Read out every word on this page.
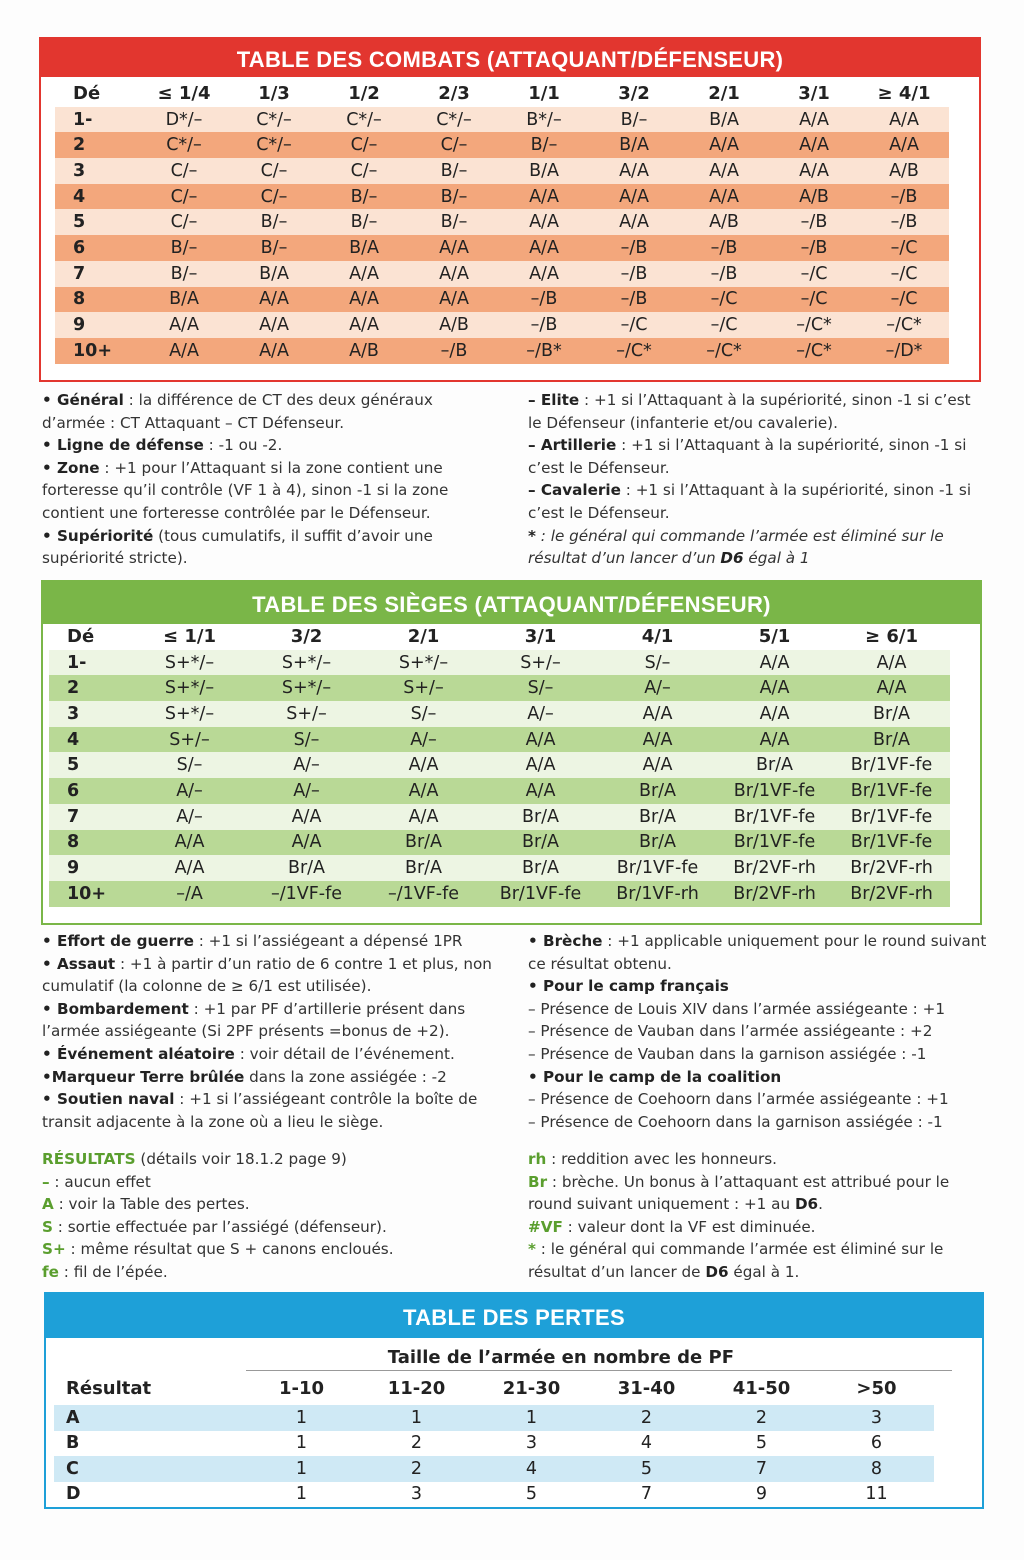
TABLE DES COMBATS (ATTAQUANT/DÉFENSEUR)
Dé	≤ 1/4	1/3	1/2	2/3	1/1	3/2	2/1	3/1	≥ 4/1
1-	D*/–	C*/–	C*/–	C*/–	B*/–	B/–	B/A	A/A	A/A
2	C*/–	C*/–	C/–	C/–	B/–	B/A	A/A	A/A	A/A
3	C/–	C/–	C/–	B/–	B/A	A/A	A/A	A/A	A/B
4	C/–	C/–	B/–	B/–	A/A	A/A	A/A	A/B	–/B
5	C/–	B/–	B/–	B/–	A/A	A/A	A/B	–/B	–/B
6	B/–	B/–	B/A	A/A	A/A	–/B	–/B	–/B	–/C
7	B/–	B/A	A/A	A/A	A/A	–/B	–/B	–/C	–/C
8	B/A	A/A	A/A	A/A	–/B	–/B	–/C	–/C	–/C
9	A/A	A/A	A/A	A/B	–/B	–/C	–/C	–/C*	–/C*
10+	A/A	A/A	A/B	–/B	–/B*	–/C*	–/C*	–/C*	–/D*

• Général : la différence de CT des deux généraux d’armée : CT Attaquant – CT Défenseur.

• Ligne de défense : -1 ou -2.

• Zone : +1 pour l’Attaquant si la zone contient une forteresse qu’il contrôle (VF 1 à 4), sinon -1 si la zone contient une forteresse contrôlée par le Défenseur.

• Supériorité (tous cumulatifs, il suffit d’avoir une supériorité stricte).

– Elite : +1 si l’Attaquant à la supériorité, sinon -1 si c’est le Défenseur (infanterie et/ou cavalerie).

– Artillerie : +1 si l’Attaquant à la supériorité, sinon -1 si c’est le Défenseur.

– Cavalerie : +1 si l’Attaquant à la supériorité, sinon -1 si c’est le Défenseur.

* : le général qui commande l’armée est éliminé sur le résultat d’un lancer d’un D6 égal à 1

TABLE DES SIÈGES (ATTAQUANT/DÉFENSEUR)
Dé	≤ 1/1	3/2	2/1	3/1	4/1	5/1	≥ 6/1
1-	S+*/–	S+*/–	S+*/–	S+/–	S/–	A/A	A/A
2	S+*/–	S+*/–	S+/–	S/–	A/–	A/A	A/A
3	S+*/–	S+/–	S/–	A/–	A/A	A/A	Br/A
4	S+/–	S/–	A/–	A/A	A/A	A/A	Br/A
5	S/–	A/–	A/A	A/A	A/A	Br/A	Br/1VF-fe
6	A/–	A/–	A/A	A/A	Br/A	Br/1VF-fe	Br/1VF-fe
7	A/–	A/A	A/A	Br/A	Br/A	Br/1VF-fe	Br/1VF-fe
8	A/A	A/A	Br/A	Br/A	Br/A	Br/1VF-fe	Br/1VF-fe
9	A/A	Br/A	Br/A	Br/A	Br/1VF-fe	Br/2VF-rh	Br/2VF-rh
10+	–/A	–/1VF-fe	–/1VF-fe	Br/1VF-fe	Br/1VF-rh	Br/2VF-rh	Br/2VF-rh

• Effort de guerre : +1 si l’assiégeant a dépensé 1PR

• Assaut : +1 à partir d’un ratio de 6 contre 1 et plus, non cumulatif (la colonne de ≥ 6/1 est utilisée).

• Bombardement : +1 par PF d’artillerie présent dans l’armée assiégeante (Si 2PF présents =bonus de +2).

• Événement aléatoire : voir détail de l’événement.

•Marqueur Terre brûlée dans la zone assiégée : -2

• Soutien naval : +1 si l’assiégeant contrôle la boîte de transit adjacente à la zone où a lieu le siège.

• Brèche : +1 applicable uniquement pour le round suivant ce résultat obtenu.

• Pour le camp français

– Présence de Louis XIV dans l’armée assiégeante : +1

– Présence de Vauban dans l’armée assiégeante : +2

– Présence de Vauban dans la garnison assiégée : -1

• Pour le camp de la coalition

– Présence de Coehoorn dans l’armée assiégeante : +1

– Présence de Coehoorn dans la garnison assiégée : -1

RÉSULTATS (détails voir 18.1.2 page 9)

– : aucun effet

A : voir la Table des pertes.

S : sortie effectuée par l’assiégé (défenseur).

S+ : même résultat que S + canons encloués.

fe : fil de l’épée.

rh : reddition avec les honneurs.

Br : brèche. Un bonus à l’attaquant est attribué pour le round suivant uniquement : +1 au D6.

#VF : valeur dont la VF est diminuée.

* : le général qui commande l’armée est éliminé sur le résultat d’un lancer de D6 égal à 1.

TABLE DES PERTES
Taille de l’armée en nombre de PF
Résultat	1-10	11-20	21-30	31-40	41-50	>50
A	1	1	1	2	2	3
B	1	2	3	4	5	6
C	1	2	4	5	7	8
D	1	3	5	7	9	11
